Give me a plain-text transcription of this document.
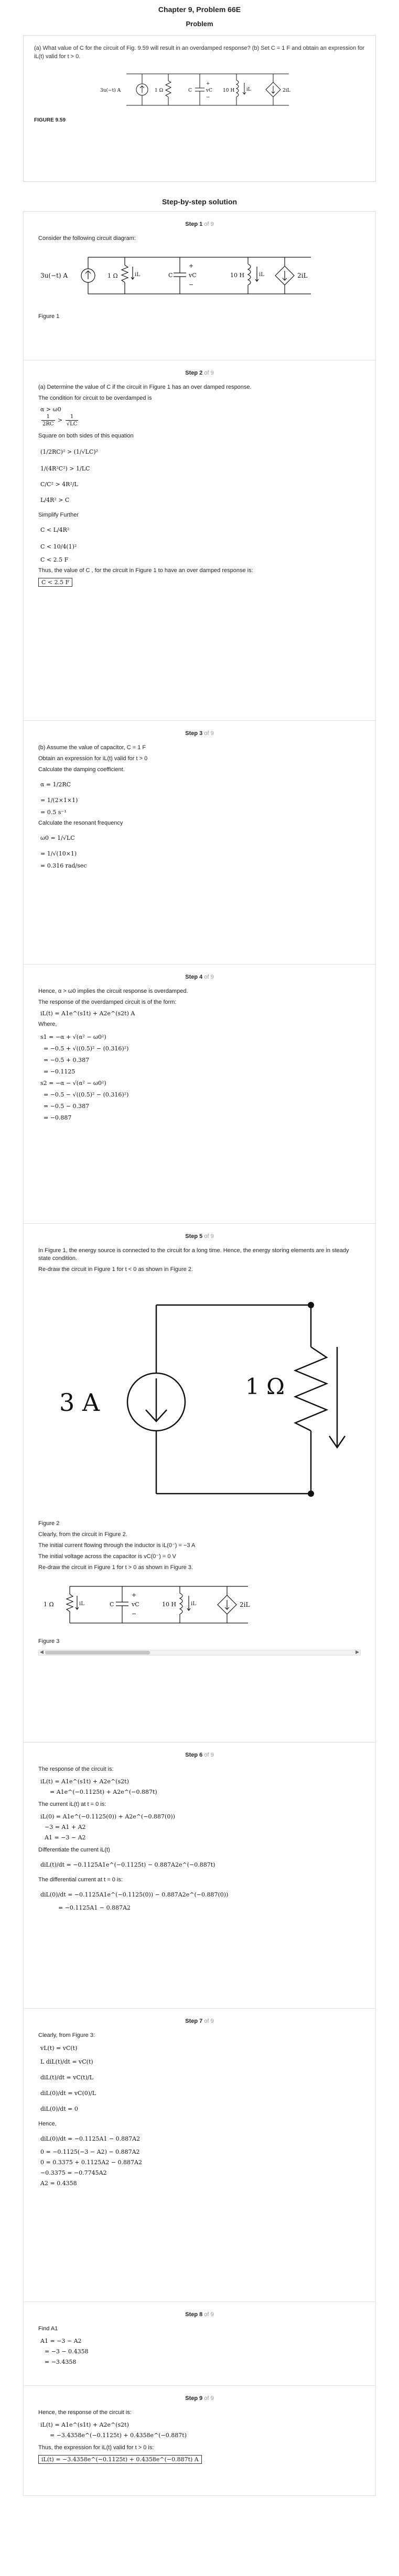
Chapter 9, Problem 66E
Problem
(a) What value of C for the circuit of Fig. 9.59 will result in an overdamped response? (b) Set C = 1 F and obtain an expression for iL(t) valid for t > 0.
3u(−t) A	1 Ω	C
+
vC
−
10 H	iL	2iL
FIGURE 9.59
Step-by-step solution
Step 1 of 9
Consider the following circuit diagram:
3u(−t) A	1 Ω	iL	C
+
vC
−
10 H	iL	2iL
Figure 1
Step 2 of 9
(a) Determine the value of C if the circuit in Figure 1 has an over damped response.
The condition for circuit to be overdamped is
α > ω0
$\frac{1}{2RC} > \frac{1}{√LC}$
Square on both sides of this equation
(1/2RC)² > (1/√LC)²
1/(4R²C²) > 1/LC
C/C² > 4R²/L
L/4R² > C
Simplify Further
C < L/4R²
C < 10/4(1)²
C < 2.5 F
Thus, the value of C , for the circuit in Figure 1 to have an over damped response is:
C < 2.5 F
Step 3 of 9
(b) Assume the value of capacitor, C = 1 F
Obtain an expression for iL(t) valid for t > 0
Calculate the damping coefficient.
α = 1/2RC
= 1/(2×1×1)
= 0.5 s⁻¹
Calculate the resonant frequency
ω0 = 1/√LC
= 1/√(10×1)
= 0.316 rad/sec
Step 4 of 9
Hence, α > ω0 implies the circuit response is overdamped.
The response of the overdamped circuit is of the form:
iL(t) = A1e^(s1t) + A2e^(s2t) A
Where,
s1 = −α + √(α² − ω0²)
= −0.5 + √((0.5)² − (0.316)²)
= −0.5 + 0.387
= −0.1125
s2 = −α − √(α² − ω0²)
= −0.5 − √((0.5)² − (0.316)²)
= −0.5 − 0.387
= −0.887
Step 5 of 9
In Figure 1, the energy source is connected to the circuit for a long time. Hence, the energy storing elements are in steady state condition.
Re-draw the circuit in Figure 1 for t < 0 as shown in Figure 2.
3 A
1 Ω
Figure 2
Clearly, from the circuit in Figure 2.
The initial current flowing through the inductor is iL(0⁻) = −3 A
The initial voltage across the capacitor is vC(0⁻) = 0 V
Re-draw the circuit in Figure 1 for t > 0 as shown in Figure 3.
1 Ω	iL	C
+
vC
−
10 H	iL	2iL
Figure 3
◀	▶
Step 6 of 9
The response of the circuit is:
iL(t) = A1e^(s1t) + A2e^(s2t)
= A1e^(−0.1125t) + A2e^(−0.887t)
The current iL(t) at t = 0 is:
iL(0) = A1e^(−0.1125(0)) + A2e^(−0.887(0))
−3 = A1 + A2
A1 = −3 − A2
Differentiate the current iL(t)
diL(t)/dt = −0.1125A1e^(−0.1125t) − 0.887A2e^(−0.887t)
The differential current at t = 0 is:
diL(0)/dt = −0.1125A1e^(−0.1125(0)) − 0.887A2e^(−0.887(0))
= −0.1125A1 − 0.887A2
Step 7 of 9
Clearly, from Figure 3:
vL(t) = vC(t)
L diL(t)/dt = vC(t)
diL(t)/dt = vC(t)/L
diL(0)/dt = vC(0)/L
diL(0)/dt = 0
Hence,
diL(0)/dt = −0.1125A1 − 0.887A2
0 = −0.1125(−3 − A2) − 0.887A2
0 = 0.3375 + 0.1125A2 − 0.887A2
−0.3375 = −0.7745A2
A2 = 0.4358
Step 8 of 9
Find A1
A1 = −3 − A2
= −3 − 0.4358
= −3.4358
Step 9 of 9
Hence, the response of the circuit is:
iL(t) = A1e^(s1t) + A2e^(s2t)
= −3.4358e^(−0.1125t) + 0.4358e^(−0.887t)
Thus, the expression for iL(t) valid for t > 0 is:
iL(t) = −3.4358e^(−0.1125t) + 0.4358e^(−0.887t) A
